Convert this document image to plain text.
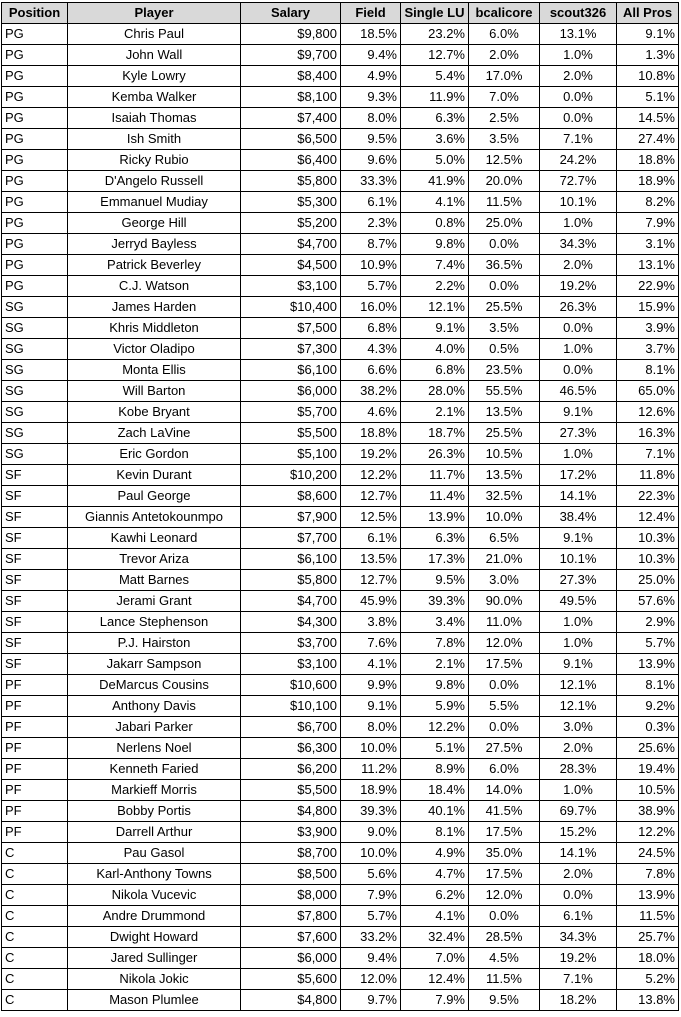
Position	Player	Salary	Field	Single LU	bcalicore	scout326	All Pros
PG	Chris Paul	$9,800	18.5%	23.2%	6.0%	13.1%	9.1%
PG	John Wall	$9,700	9.4%	12.7%	2.0%	1.0%	1.3%
PG	Kyle Lowry	$8,400	4.9%	5.4%	17.0%	2.0%	10.8%
PG	Kemba Walker	$8,100	9.3%	11.9%	7.0%	0.0%	5.1%
PG	Isaiah Thomas	$7,400	8.0%	6.3%	2.5%	0.0%	14.5%
PG	Ish Smith	$6,500	9.5%	3.6%	3.5%	7.1%	27.4%
PG	Ricky Rubio	$6,400	9.6%	5.0%	12.5%	24.2%	18.8%
PG	D'Angelo Russell	$5,800	33.3%	41.9%	20.0%	72.7%	18.9%
PG	Emmanuel Mudiay	$5,300	6.1%	4.1%	11.5%	10.1%	8.2%
PG	George Hill	$5,200	2.3%	0.8%	25.0%	1.0%	7.9%
PG	Jerryd Bayless	$4,700	8.7%	9.8%	0.0%	34.3%	3.1%
PG	Patrick Beverley	$4,500	10.9%	7.4%	36.5%	2.0%	13.1%
PG	C.J. Watson	$3,100	5.7%	2.2%	0.0%	19.2%	22.9%
SG	James Harden	$10,400	16.0%	12.1%	25.5%	26.3%	15.9%
SG	Khris Middleton	$7,500	6.8%	9.1%	3.5%	0.0%	3.9%
SG	Victor Oladipo	$7,300	4.3%	4.0%	0.5%	1.0%	3.7%
SG	Monta Ellis	$6,100	6.6%	6.8%	23.5%	0.0%	8.1%
SG	Will Barton	$6,000	38.2%	28.0%	55.5%	46.5%	65.0%
SG	Kobe Bryant	$5,700	4.6%	2.1%	13.5%	9.1%	12.6%
SG	Zach LaVine	$5,500	18.8%	18.7%	25.5%	27.3%	16.3%
SG	Eric Gordon	$5,100	19.2%	26.3%	10.5%	1.0%	7.1%
SF	Kevin Durant	$10,200	12.2%	11.7%	13.5%	17.2%	11.8%
SF	Paul George	$8,600	12.7%	11.4%	32.5%	14.1%	22.3%
SF	Giannis Antetokounmpo	$7,900	12.5%	13.9%	10.0%	38.4%	12.4%
SF	Kawhi Leonard	$7,700	6.1%	6.3%	6.5%	9.1%	10.3%
SF	Trevor Ariza	$6,100	13.5%	17.3%	21.0%	10.1%	10.3%
SF	Matt Barnes	$5,800	12.7%	9.5%	3.0%	27.3%	25.0%
SF	Jerami Grant	$4,700	45.9%	39.3%	90.0%	49.5%	57.6%
SF	Lance Stephenson	$4,300	3.8%	3.4%	11.0%	1.0%	2.9%
SF	P.J. Hairston	$3,700	7.6%	7.8%	12.0%	1.0%	5.7%
SF	Jakarr Sampson	$3,100	4.1%	2.1%	17.5%	9.1%	13.9%
PF	DeMarcus Cousins	$10,600	9.9%	9.8%	0.0%	12.1%	8.1%
PF	Anthony Davis	$10,100	9.1%	5.9%	5.5%	12.1%	9.2%
PF	Jabari Parker	$6,700	8.0%	12.2%	0.0%	3.0%	0.3%
PF	Nerlens Noel	$6,300	10.0%	5.1%	27.5%	2.0%	25.6%
PF	Kenneth Faried	$6,200	11.2%	8.9%	6.0%	28.3%	19.4%
PF	Markieff Morris	$5,500	18.9%	18.4%	14.0%	1.0%	10.5%
PF	Bobby Portis	$4,800	39.3%	40.1%	41.5%	69.7%	38.9%
PF	Darrell Arthur	$3,900	9.0%	8.1%	17.5%	15.2%	12.2%
C	Pau Gasol	$8,700	10.0%	4.9%	35.0%	14.1%	24.5%
C	Karl-Anthony Towns	$8,500	5.6%	4.7%	17.5%	2.0%	7.8%
C	Nikola Vucevic	$8,000	7.9%	6.2%	12.0%	0.0%	13.9%
C	Andre Drummond	$7,800	5.7%	4.1%	0.0%	6.1%	11.5%
C	Dwight Howard	$7,600	33.2%	32.4%	28.5%	34.3%	25.7%
C	Jared Sullinger	$6,000	9.4%	7.0%	4.5%	19.2%	18.0%
C	Nikola Jokic	$5,600	12.0%	12.4%	11.5%	7.1%	5.2%
C	Mason Plumlee	$4,800	9.7%	7.9%	9.5%	18.2%	13.8%
